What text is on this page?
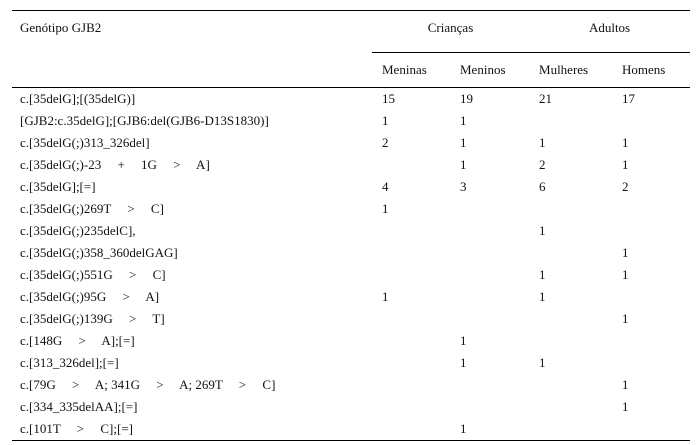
Genótipo GJB2	Crianças		Adultos	
	Meninas	Meninos	Mulheres	Homens
c.[35delG];[(35delG)]	15	19	21	17
[GJB2:c.35delG];[GJB6:del(GJB6-D13S1830)]	1	1		
c.[35delG(;)313_326del]	2	1	1	1
c.[35delG(;)-23     +     1G     >     A]		1	2	1
c.[35delG];[=]	4	3	6	2
c.[35delG(;)269T     >     C]	1			
c.[35delG(;)235delC],			1	
c.[35delG(;)358_360delGAG]				1
c.[35delG(;)551G     >     C]			1	1
c.[35delG(;)95G     >     A]	1		1	
c.[35delG(;)139G     >     T]				1
c.[148G     >     A];[=]		1		
c.[313_326del];[=]		1	1	
c.[79G     >     A; 341G     >     A; 269T     >     C]				1
c.[334_335delAA];[=]				1
c.[101T     >     C];[=]		1		
